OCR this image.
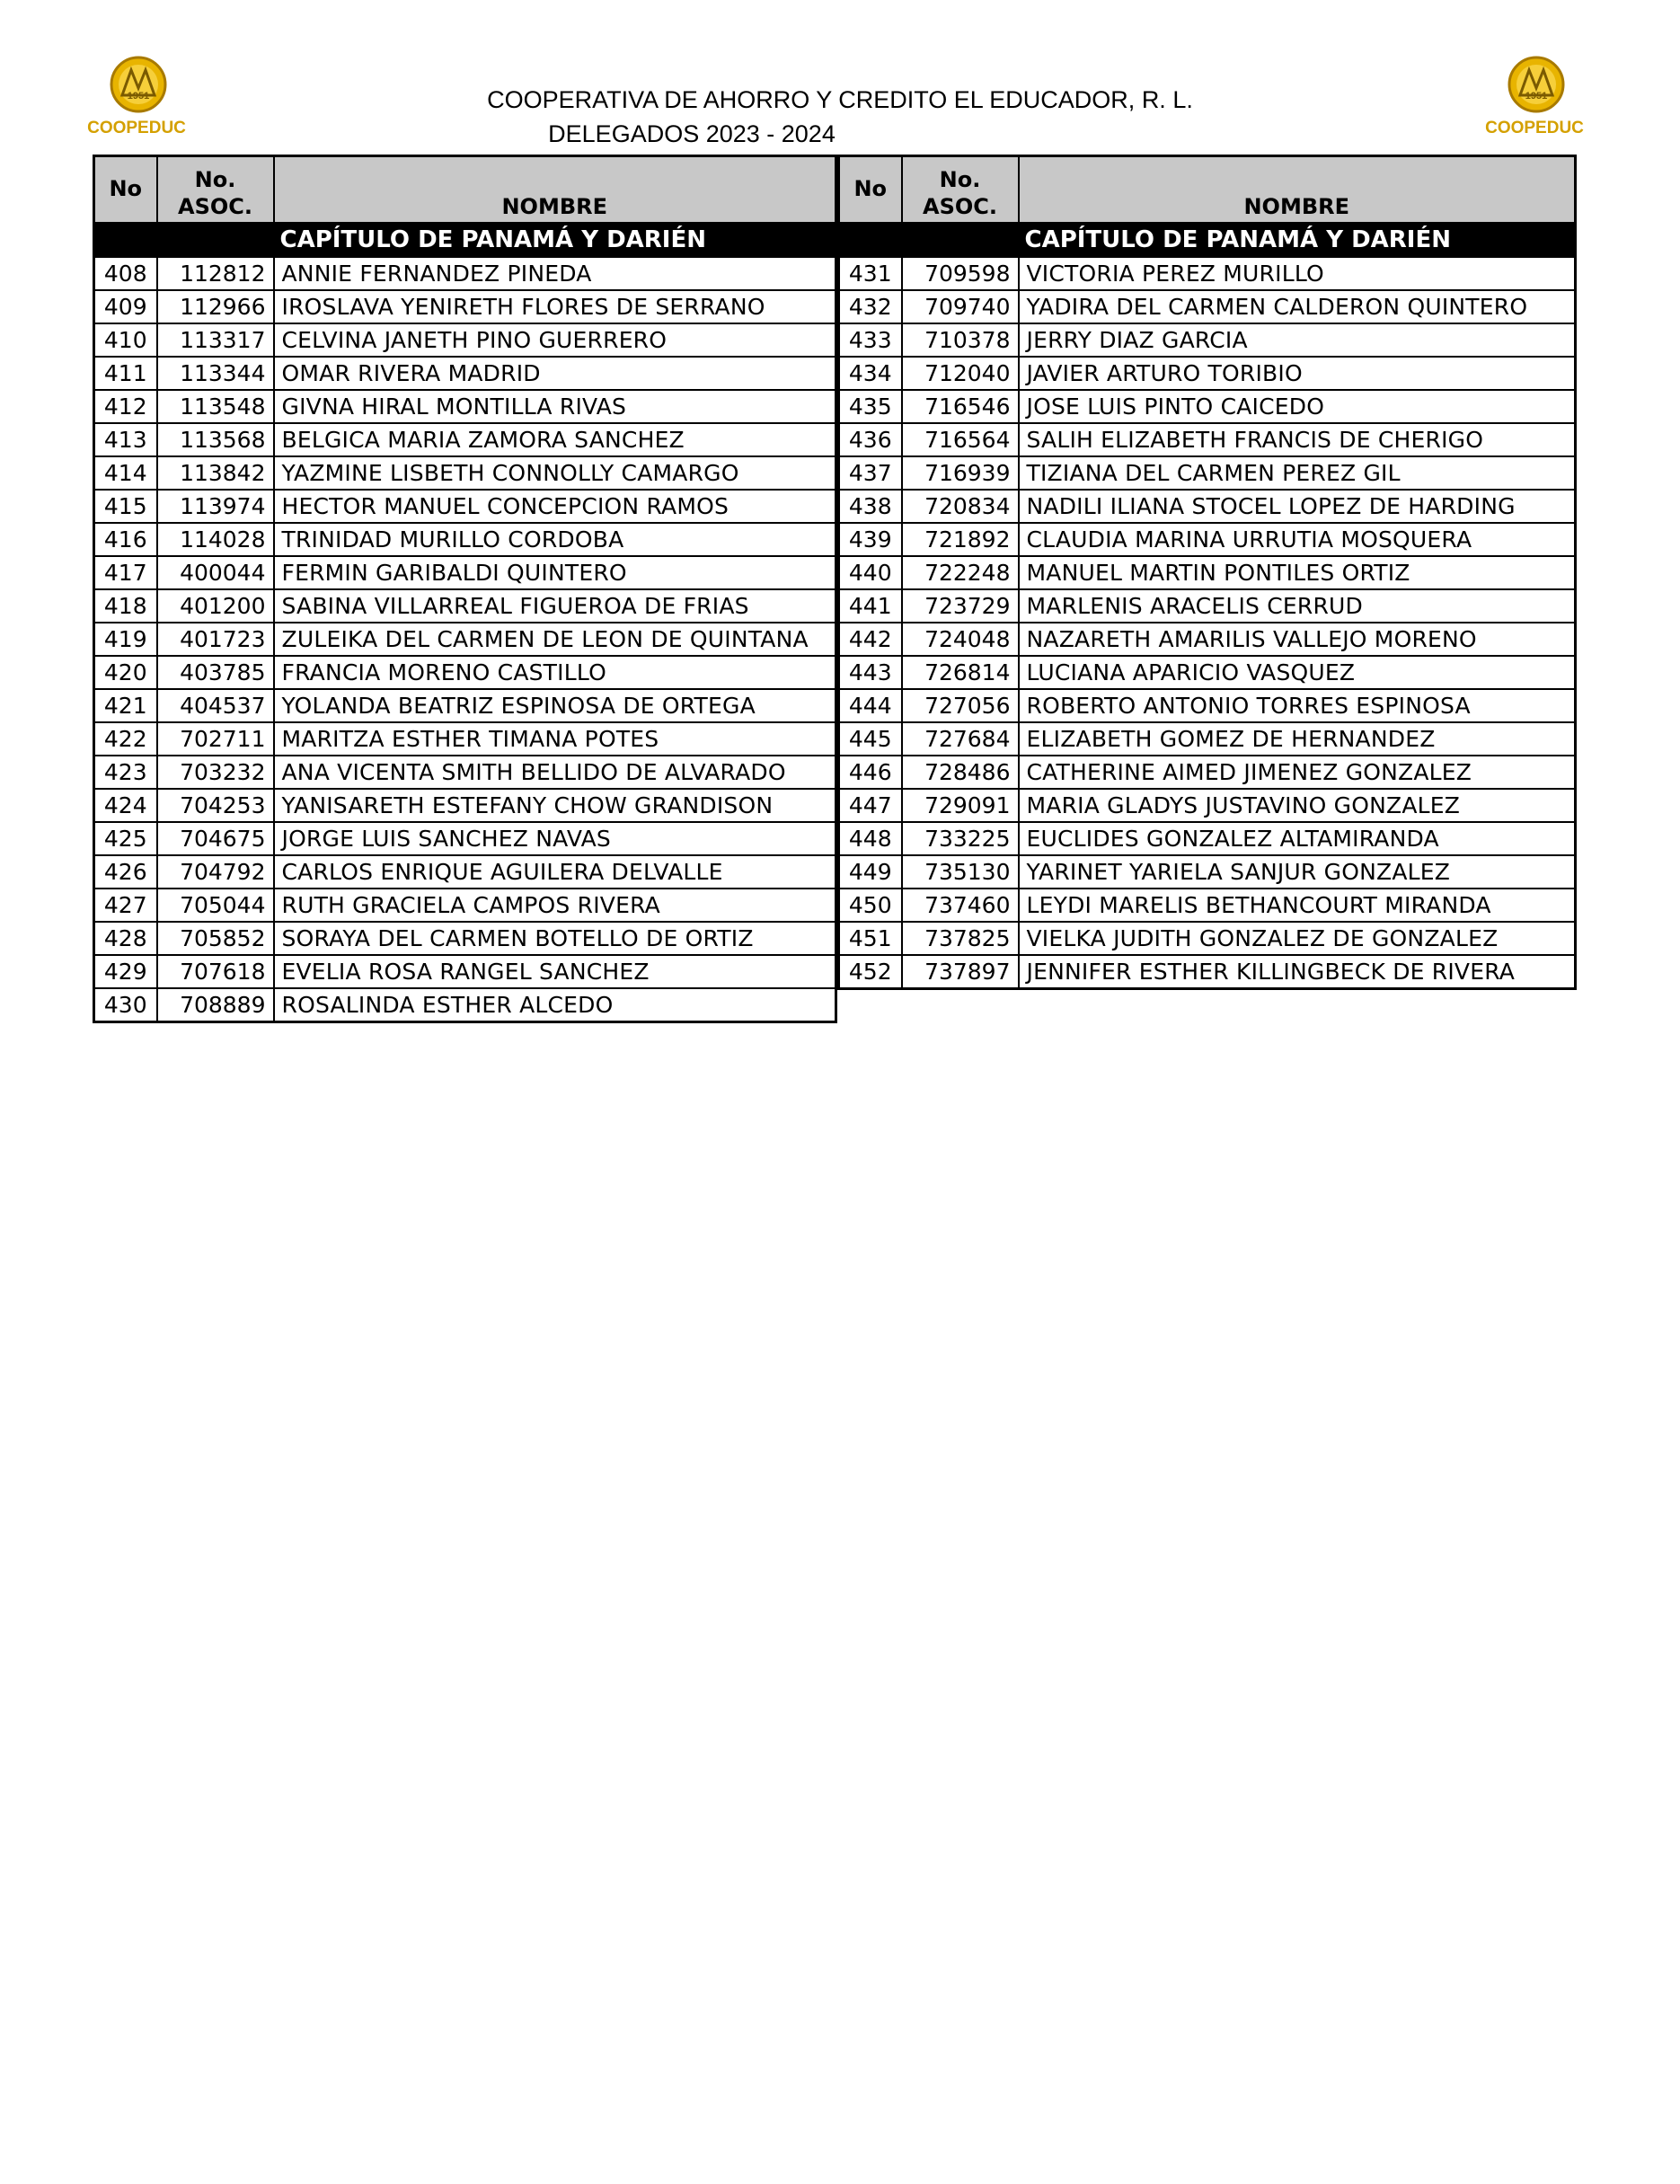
1951
COOPEDUC
1951
COOPEDUC
COOPERATIVA DE AHORRO Y CREDITO EL EDUCADOR, R. L.
DELEGADOS 2023 - 2024
No	No.
ASOC.	NOMBRE
		CAPÍTULO DE PANAMÁ Y DARIÉN
408	112812	ANNIE FERNANDEZ PINEDA
409	112966	IROSLAVA YENIRETH FLORES DE SERRANO
410	113317	CELVINA JANETH PINO GUERRERO
411	113344	OMAR RIVERA MADRID
412	113548	GIVNA HIRAL MONTILLA RIVAS
413	113568	BELGICA MARIA ZAMORA SANCHEZ
414	113842	YAZMINE LISBETH CONNOLLY CAMARGO
415	113974	HECTOR MANUEL CONCEPCION RAMOS
416	114028	TRINIDAD MURILLO CORDOBA
417	400044	FERMIN GARIBALDI QUINTERO
418	401200	SABINA VILLARREAL FIGUEROA DE FRIAS
419	401723	ZULEIKA DEL CARMEN DE LEON DE QUINTANA
420	403785	FRANCIA MORENO CASTILLO
421	404537	YOLANDA BEATRIZ ESPINOSA DE ORTEGA
422	702711	MARITZA ESTHER TIMANA POTES
423	703232	ANA VICENTA SMITH BELLIDO DE ALVARADO
424	704253	YANISARETH ESTEFANY CHOW GRANDISON
425	704675	JORGE LUIS SANCHEZ NAVAS
426	704792	CARLOS ENRIQUE AGUILERA DELVALLE
427	705044	RUTH GRACIELA CAMPOS RIVERA
428	705852	SORAYA DEL CARMEN BOTELLO DE ORTIZ
429	707618	EVELIA ROSA RANGEL SANCHEZ
430	708889	ROSALINDA ESTHER ALCEDO
No	No.
ASOC.	NOMBRE
		CAPÍTULO DE PANAMÁ Y DARIÉN
431	709598	VICTORIA PEREZ MURILLO
432	709740	YADIRA DEL CARMEN CALDERON QUINTERO
433	710378	JERRY DIAZ GARCIA
434	712040	JAVIER ARTURO TORIBIO
435	716546	JOSE LUIS PINTO CAICEDO
436	716564	SALIH ELIZABETH FRANCIS DE CHERIGO
437	716939	TIZIANA DEL CARMEN PEREZ GIL
438	720834	NADILI ILIANA STOCEL LOPEZ DE HARDING
439	721892	CLAUDIA MARINA URRUTIA MOSQUERA
440	722248	MANUEL MARTIN PONTILES ORTIZ
441	723729	MARLENIS ARACELIS CERRUD
442	724048	NAZARETH AMARILIS VALLEJO MORENO
443	726814	LUCIANA APARICIO VASQUEZ
444	727056	ROBERTO ANTONIO TORRES ESPINOSA
445	727684	ELIZABETH GOMEZ DE HERNANDEZ
446	728486	CATHERINE AIMED JIMENEZ GONZALEZ
447	729091	MARIA GLADYS JUSTAVINO GONZALEZ
448	733225	EUCLIDES GONZALEZ ALTAMIRANDA
449	735130	YARINET YARIELA SANJUR GONZALEZ
450	737460	LEYDI MARELIS BETHANCOURT MIRANDA
451	737825	VIELKA JUDITH GONZALEZ DE GONZALEZ
452	737897	JENNIFER ESTHER KILLINGBECK DE RIVERA
